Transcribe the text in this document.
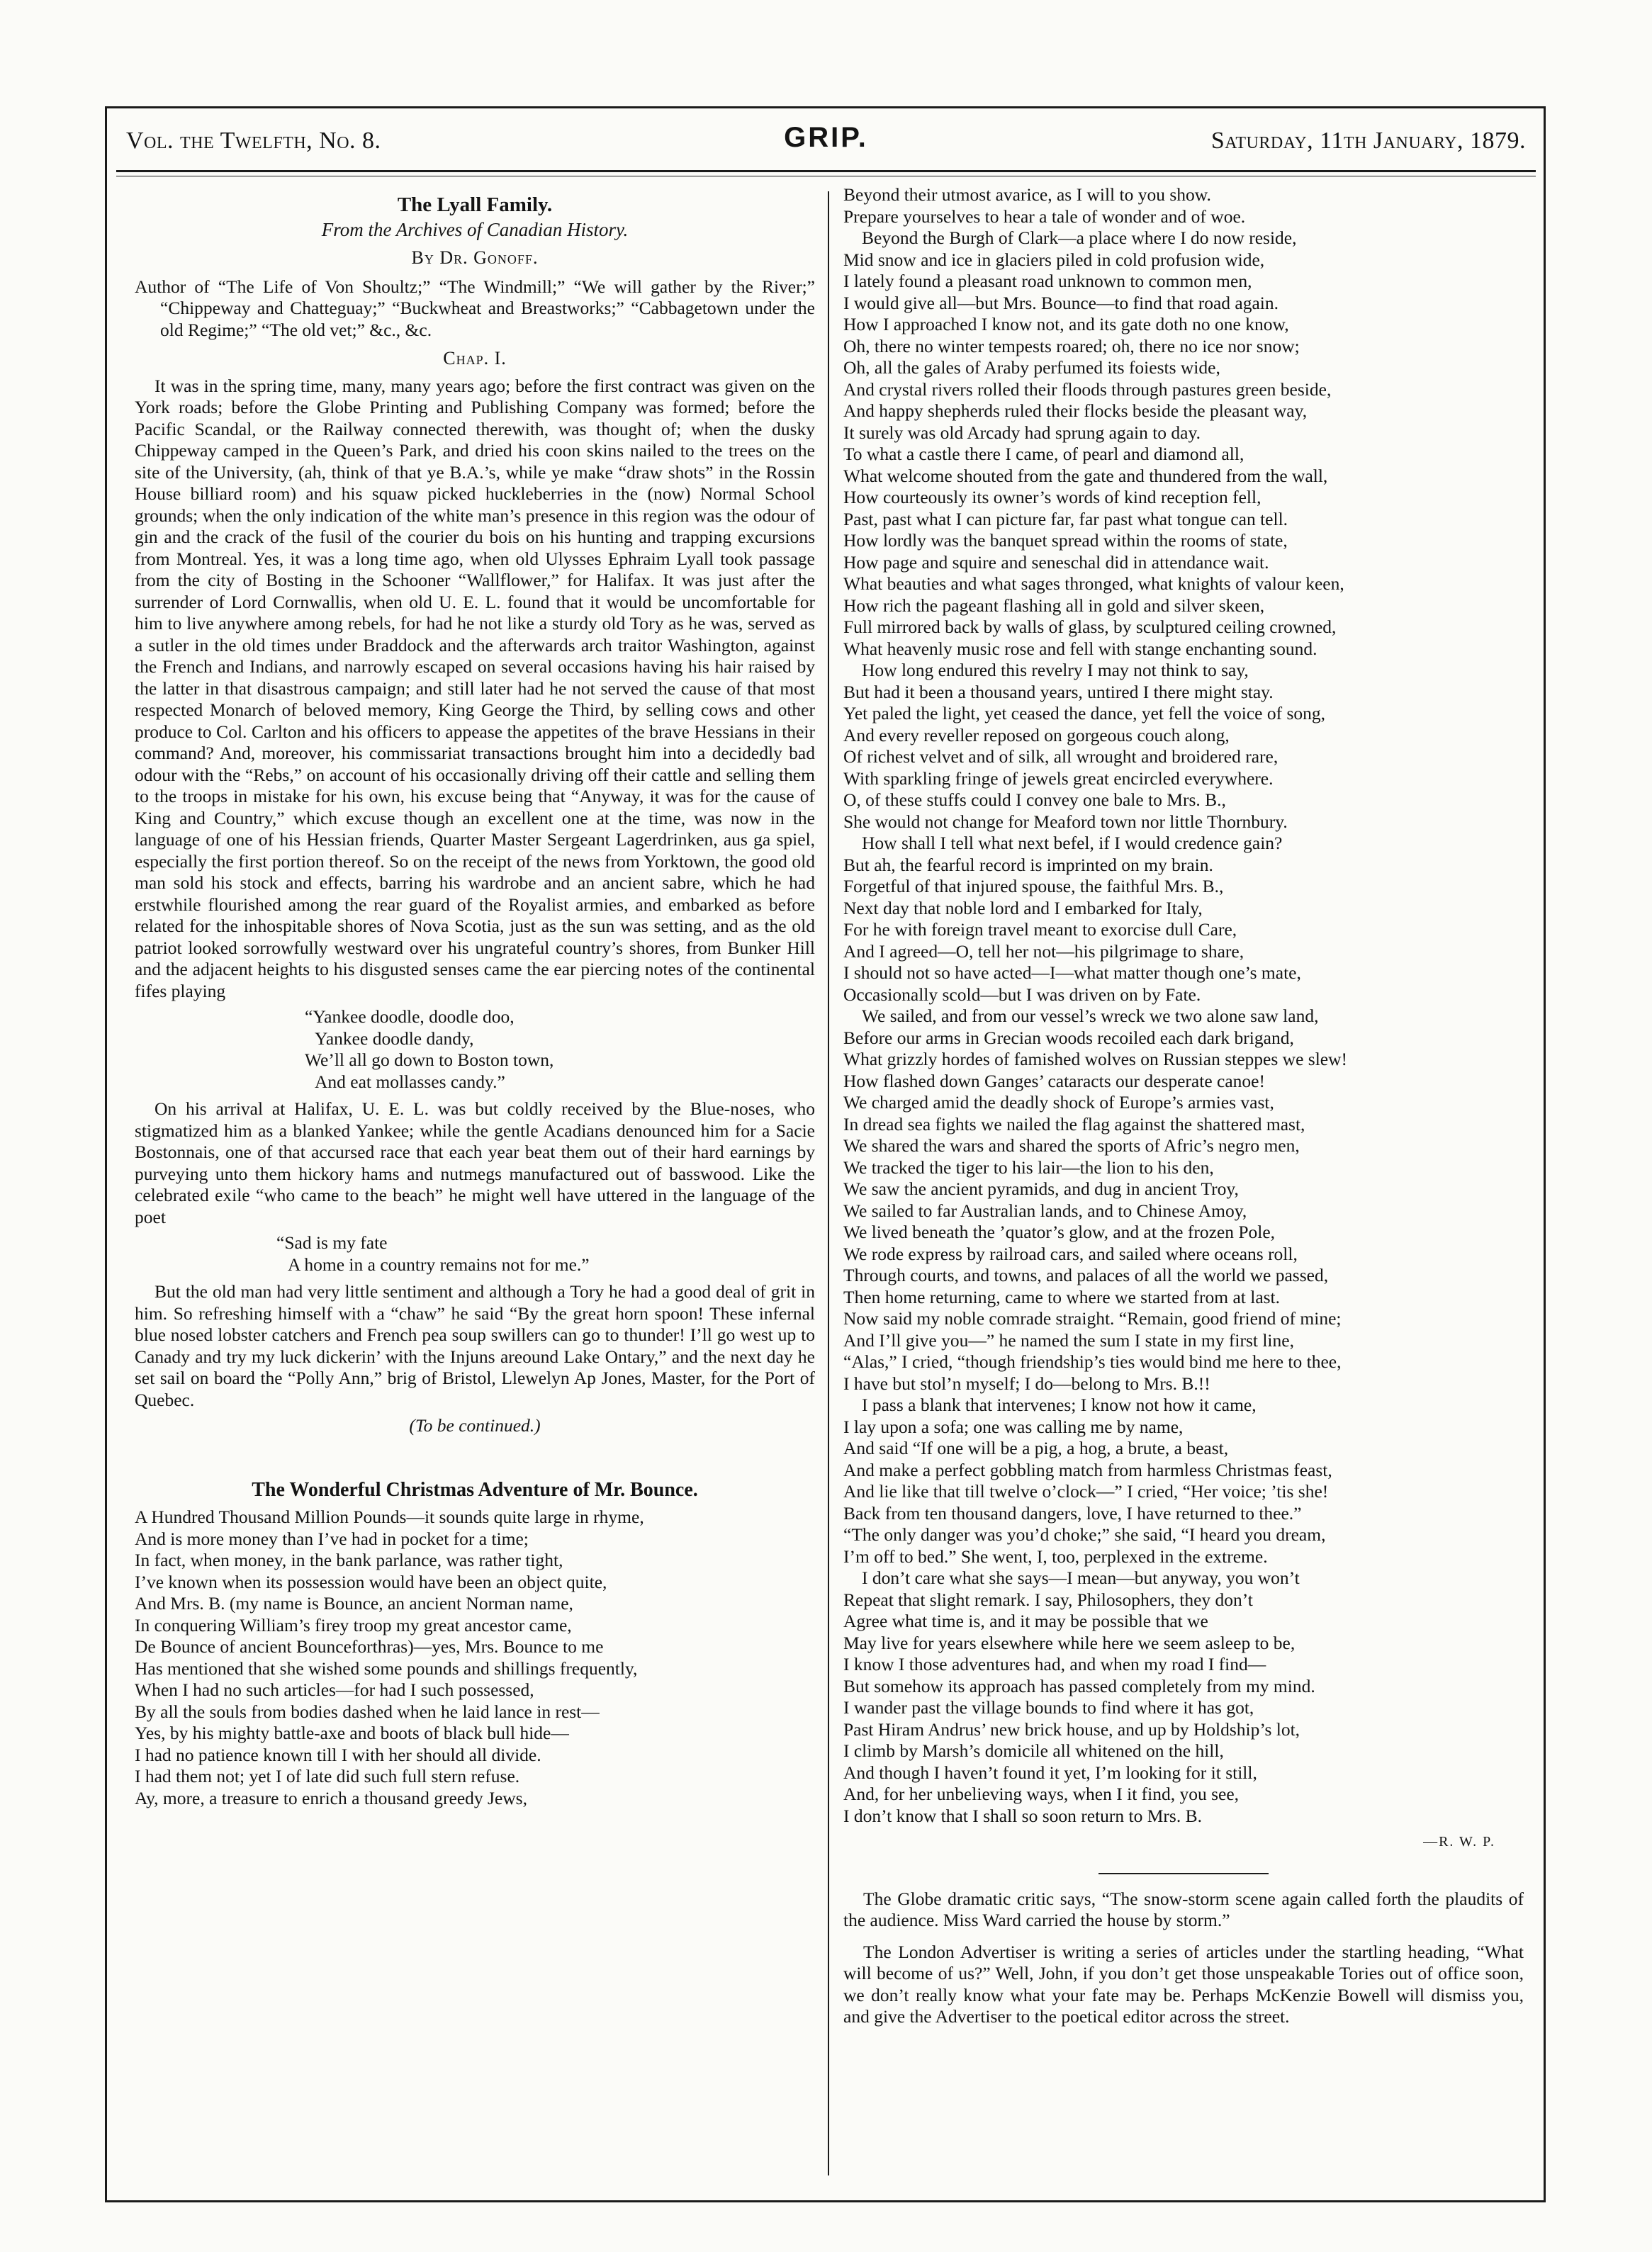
Vol. the Twelfth, No. 8.	GRIP.	Saturday, 11th January, 1879.
The Lyall Family.
From the Archives of Canadian History.
By Dr. Gonoff.
Author of “The Life of Von Shoultz;” “The Windmill;” “We will gather by the River;” “Chippeway and Chatteguay;” “Buckwheat and Breastworks;” “Cabbagetown under the old Regime;” “The old vet;” &c., &c.
Chap. I.

It was in the spring time, many, many years ago; before the first contract was given on the York roads; before the Globe Printing and Publishing Company was formed; before the Pacific Scandal, or the Railway connected therewith, was thought of; when the dusky Chippeway camped in the Queen’s Park, and dried his coon skins nailed to the trees on the site of the University, (ah, think of that ye B.A.’s, while ye make “draw shots” in the Rossin House billiard room) and his squaw picked huckleberries in the (now) Normal School grounds; when the only indication of the white man’s presence in this region was the odour of gin and the crack of the fusil of the courier du bois on his hunting and trapping excursions from Montreal. Yes, it was a long time ago, when old Ulysses Ephraim Lyall took passage from the city of Bosting in the Schooner “Wallflower,” for Halifax. It was just after the surrender of Lord Cornwallis, when old U. E. L. found that it would be uncomfortable for him to live anywhere among rebels, for had he not like a sturdy old Tory as he was, served as a sutler in the old times under Braddock and the afterwards arch traitor Washington, against the French and Indians, and narrowly escaped on several occasions having his hair raised by the latter in that disastrous campaign; and still later had he not served the cause of that most respected Monarch of beloved memory, King George the Third, by selling cows and other produce to Col. Carlton and his officers to appease the appetites of the brave Hessians in their command? And, moreover, his commissariat transactions brought him into a decidedly bad odour with the “Rebs,” on account of his occasionally driving off their cattle and selling them to the troops in mistake for his own, his excuse being that “Anyway, it was for the cause of King and Country,” which excuse though an excellent one at the time, was now in the language of one of his Hessian friends, Quarter Master Sergeant Lagerdrinken, aus ga spiel, especially the first portion thereof. So on the receipt of the news from Yorktown, the good old man sold his stock and effects, barring his wardrobe and an ancient sabre, which he had erstwhile flourished among the rear guard of the Royalist armies, and embarked as before related for the inhospitable shores of Nova Scotia, just as the sun was setting, and as the old patriot looked sorrowfully westward over his ungrateful country’s shores, from Bunker Hill and the adjacent heights to his disgusted senses came the ear piercing notes of the continental fifes playing

“Yankee doodle, doodle doo,
Yankee doodle dandy,
We’ll all go down to Boston town,
And eat mollasses candy.”

On his arrival at Halifax, U. E. L. was but coldly received by the Blue-noses, who stigmatized him as a blanked Yankee; while the gentle Acadians denounced him for a Sacie Bostonnais, one of that accursed race that each year beat them out of their hard earnings by purveying unto them hickory hams and nutmegs manufactured out of basswood. Like the celebrated exile “who came to the beach” he might well have uttered in the language of the poet

“Sad is my fate
A home in a country remains not for me.”

But the old man had very little sentiment and although a Tory he had a good deal of grit in him. So refreshing himself with a “chaw” he said “By the great horn spoon! These infernal blue nosed lobster catchers and French pea soup swillers can go to thunder! I’ll go west up to Canady and try my luck dickerin’ with the Injuns areound Lake Ontary,” and the next day he set sail on board the “Polly Ann,” brig of Bristol, Llewelyn Ap Jones, Master, for the Port of Quebec.

(To be continued.)
The Wonderful Christmas Adventure of Mr. Bounce.
A Hundred Thousand Million Pounds—it sounds quite large in rhyme,
And is more money than I’ve had in pocket for a time;
In fact, when money, in the bank parlance, was rather tight,
I’ve known when its possession would have been an object quite,
And Mrs. B. (my name is Bounce, an ancient Norman name,
In conquering William’s firey troop my great ancestor came,
De Bounce of ancient Bounceforthras)—yes, Mrs. Bounce to me
Has mentioned that she wished some pounds and shillings frequently,
When I had no such articles—for had I such possessed,
By all the souls from bodies dashed when he laid lance in rest—
Yes, by his mighty battle-axe and boots of black bull hide—
I had no patience known till I with her should all divide.
I had them not; yet I of late did such full stern refuse.
Ay, more, a treasure to enrich a thousand greedy Jews,
Beyond their utmost avarice, as I will to you show.
Prepare yourselves to hear a tale of wonder and of woe.
Beyond the Burgh of Clark—a place where I do now reside,
Mid snow and ice in glaciers piled in cold profusion wide,
I lately found a pleasant road unknown to common men,
I would give all—but Mrs. Bounce—to find that road again.
How I approached I know not, and its gate doth no one know,
Oh, there no winter tempests roared; oh, there no ice nor snow;
Oh, all the gales of Araby perfumed its foiests wide,
And crystal rivers rolled their floods through pastures green beside,
And happy shepherds ruled their flocks beside the pleasant way,
It surely was old Arcady had sprung again to day.
To what a castle there I came, of pearl and diamond all,
What welcome shouted from the gate and thundered from the wall,
How courteously its owner’s words of kind reception fell,
Past, past what I can picture far, far past what tongue can tell.
How lordly was the banquet spread within the rooms of state,
How page and squire and seneschal did in attendance wait.
What beauties and what sages thronged, what knights of valour keen,
How rich the pageant flashing all in gold and silver skeen,
Full mirrored back by walls of glass, by sculptured ceiling crowned,
What heavenly music rose and fell with stange enchanting sound.
How long endured this revelry I may not think to say,
But had it been a thousand years, untired I there might stay.
Yet paled the light, yet ceased the dance, yet fell the voice of song,
And every reveller reposed on gorgeous couch along,
Of richest velvet and of silk, all wrought and broidered rare,
With sparkling fringe of jewels great encircled everywhere.
O, of these stuffs could I convey one bale to Mrs. B.,
She would not change for Meaford town nor little Thornbury.
How shall I tell what next befel, if I would credence gain?
But ah, the fearful record is imprinted on my brain.
Forgetful of that injured spouse, the faithful Mrs. B.,
Next day that noble lord and I embarked for Italy,
For he with foreign travel meant to exorcise dull Care,
And I agreed—O, tell her not—his pilgrimage to share,
I should not so have acted—I—what matter though one’s mate,
Occasionally scold—but I was driven on by Fate.
We sailed, and from our vessel’s wreck we two alone saw land,
Before our arms in Grecian woods recoiled each dark brigand,
What grizzly hordes of famished wolves on Russian steppes we slew!
How flashed down Ganges’ cataracts our desperate canoe!
We charged amid the deadly shock of Europe’s armies vast,
In dread sea fights we nailed the flag against the shattered mast,
We shared the wars and shared the sports of Afric’s negro men,
We tracked the tiger to his lair—the lion to his den,
We saw the ancient pyramids, and dug in ancient Troy,
We sailed to far Australian lands, and to Chinese Amoy,
We lived beneath the ’quator’s glow, and at the frozen Pole,
We rode express by railroad cars, and sailed where oceans roll,
Through courts, and towns, and palaces of all the world we passed,
Then home returning, came to where we started from at last.
Now said my noble comrade straight. “Remain, good friend of mine;
And I’ll give you—” he named the sum I state in my first line,
“Alas,” I cried, “though friendship’s ties would bind me here to thee,
I have but stol’n myself; I do—belong to Mrs. B.!!
I pass a blank that intervenes; I know not how it came,
I lay upon a sofa; one was calling me by name,
And said “If one will be a pig, a hog, a brute, a beast,
And make a perfect gobbling match from harmless Christmas feast,
And lie like that till twelve o’clock—” I cried, “Her voice; ’tis she!
Back from ten thousand dangers, love, I have returned to thee.”
“The only danger was you’d choke;” she said, “I heard you dream,
I’m off to bed.” She went, I, too, perplexed in the extreme.
I don’t care what she says—I mean—but anyway, you won’t
Repeat that slight remark. I say, Philosophers, they don’t
Agree what time is, and it may be possible that we
May live for years elsewhere while here we seem asleep to be,
I know I those adventures had, and when my road I find—
But somehow its approach has passed completely from my mind.
I wander past the village bounds to find where it has got,
Past Hiram Andrus’ new brick house, and up by Holdship’s lot,
I climb by Marsh’s domicile all whitened on the hill,
And though I haven’t found it yet, I’m looking for it still,
And, for her unbelieving ways, when I it find, you see,
I don’t know that I shall so soon return to Mrs. B.
—R. W. P.

The Globe dramatic critic says, “The snow-storm scene again called forth the plaudits of the audience. Miss Ward carried the house by storm.”

The London Advertiser is writing a series of articles under the startling heading, “What will become of us?” Well, John, if you don’t get those unspeakable Tories out of office soon, we don’t really know what your fate may be. Perhaps McKenzie Bowell will dismiss you, and give the Advertiser to the poetical editor across the street.
